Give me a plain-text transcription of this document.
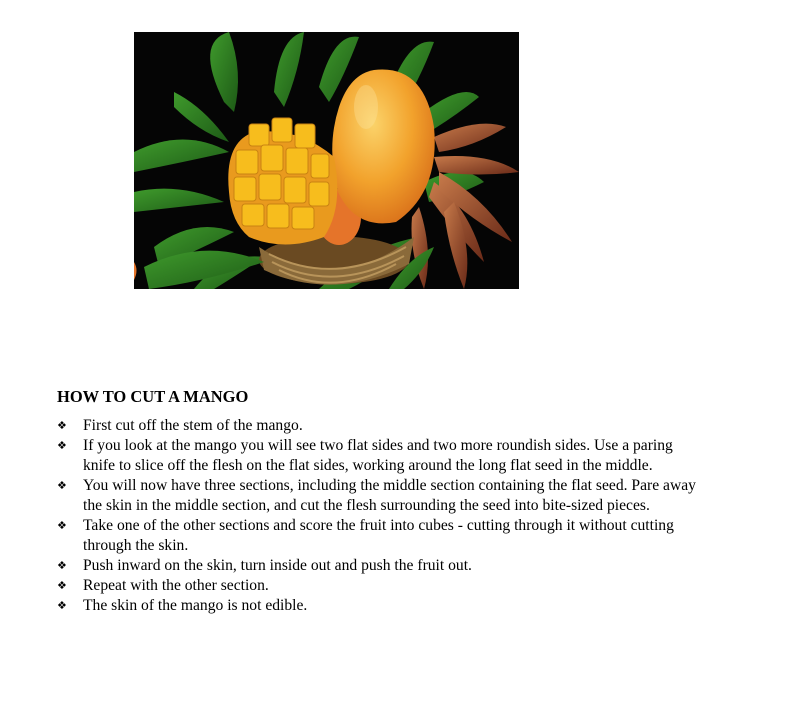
HOW TO CUT A MANGO
❖ First cut off the stem of the mango.
❖ If you look at the mango you will see two flat sides and two more roundish sides. Use a paring knife to slice off the flesh on the flat sides, working around the long flat seed in the middle.
❖ You will now have three sections, including the middle section containing the flat seed. Pare away the skin in the middle section, and cut the flesh surrounding the seed into bite-sized pieces.
❖ Take one of the other sections and score the fruit into cubes - cutting through it without cutting through the skin.
❖ Push inward on the skin, turn inside out and push the fruit out.
❖ Repeat with the other section.
❖ The skin of the mango is not edible.
